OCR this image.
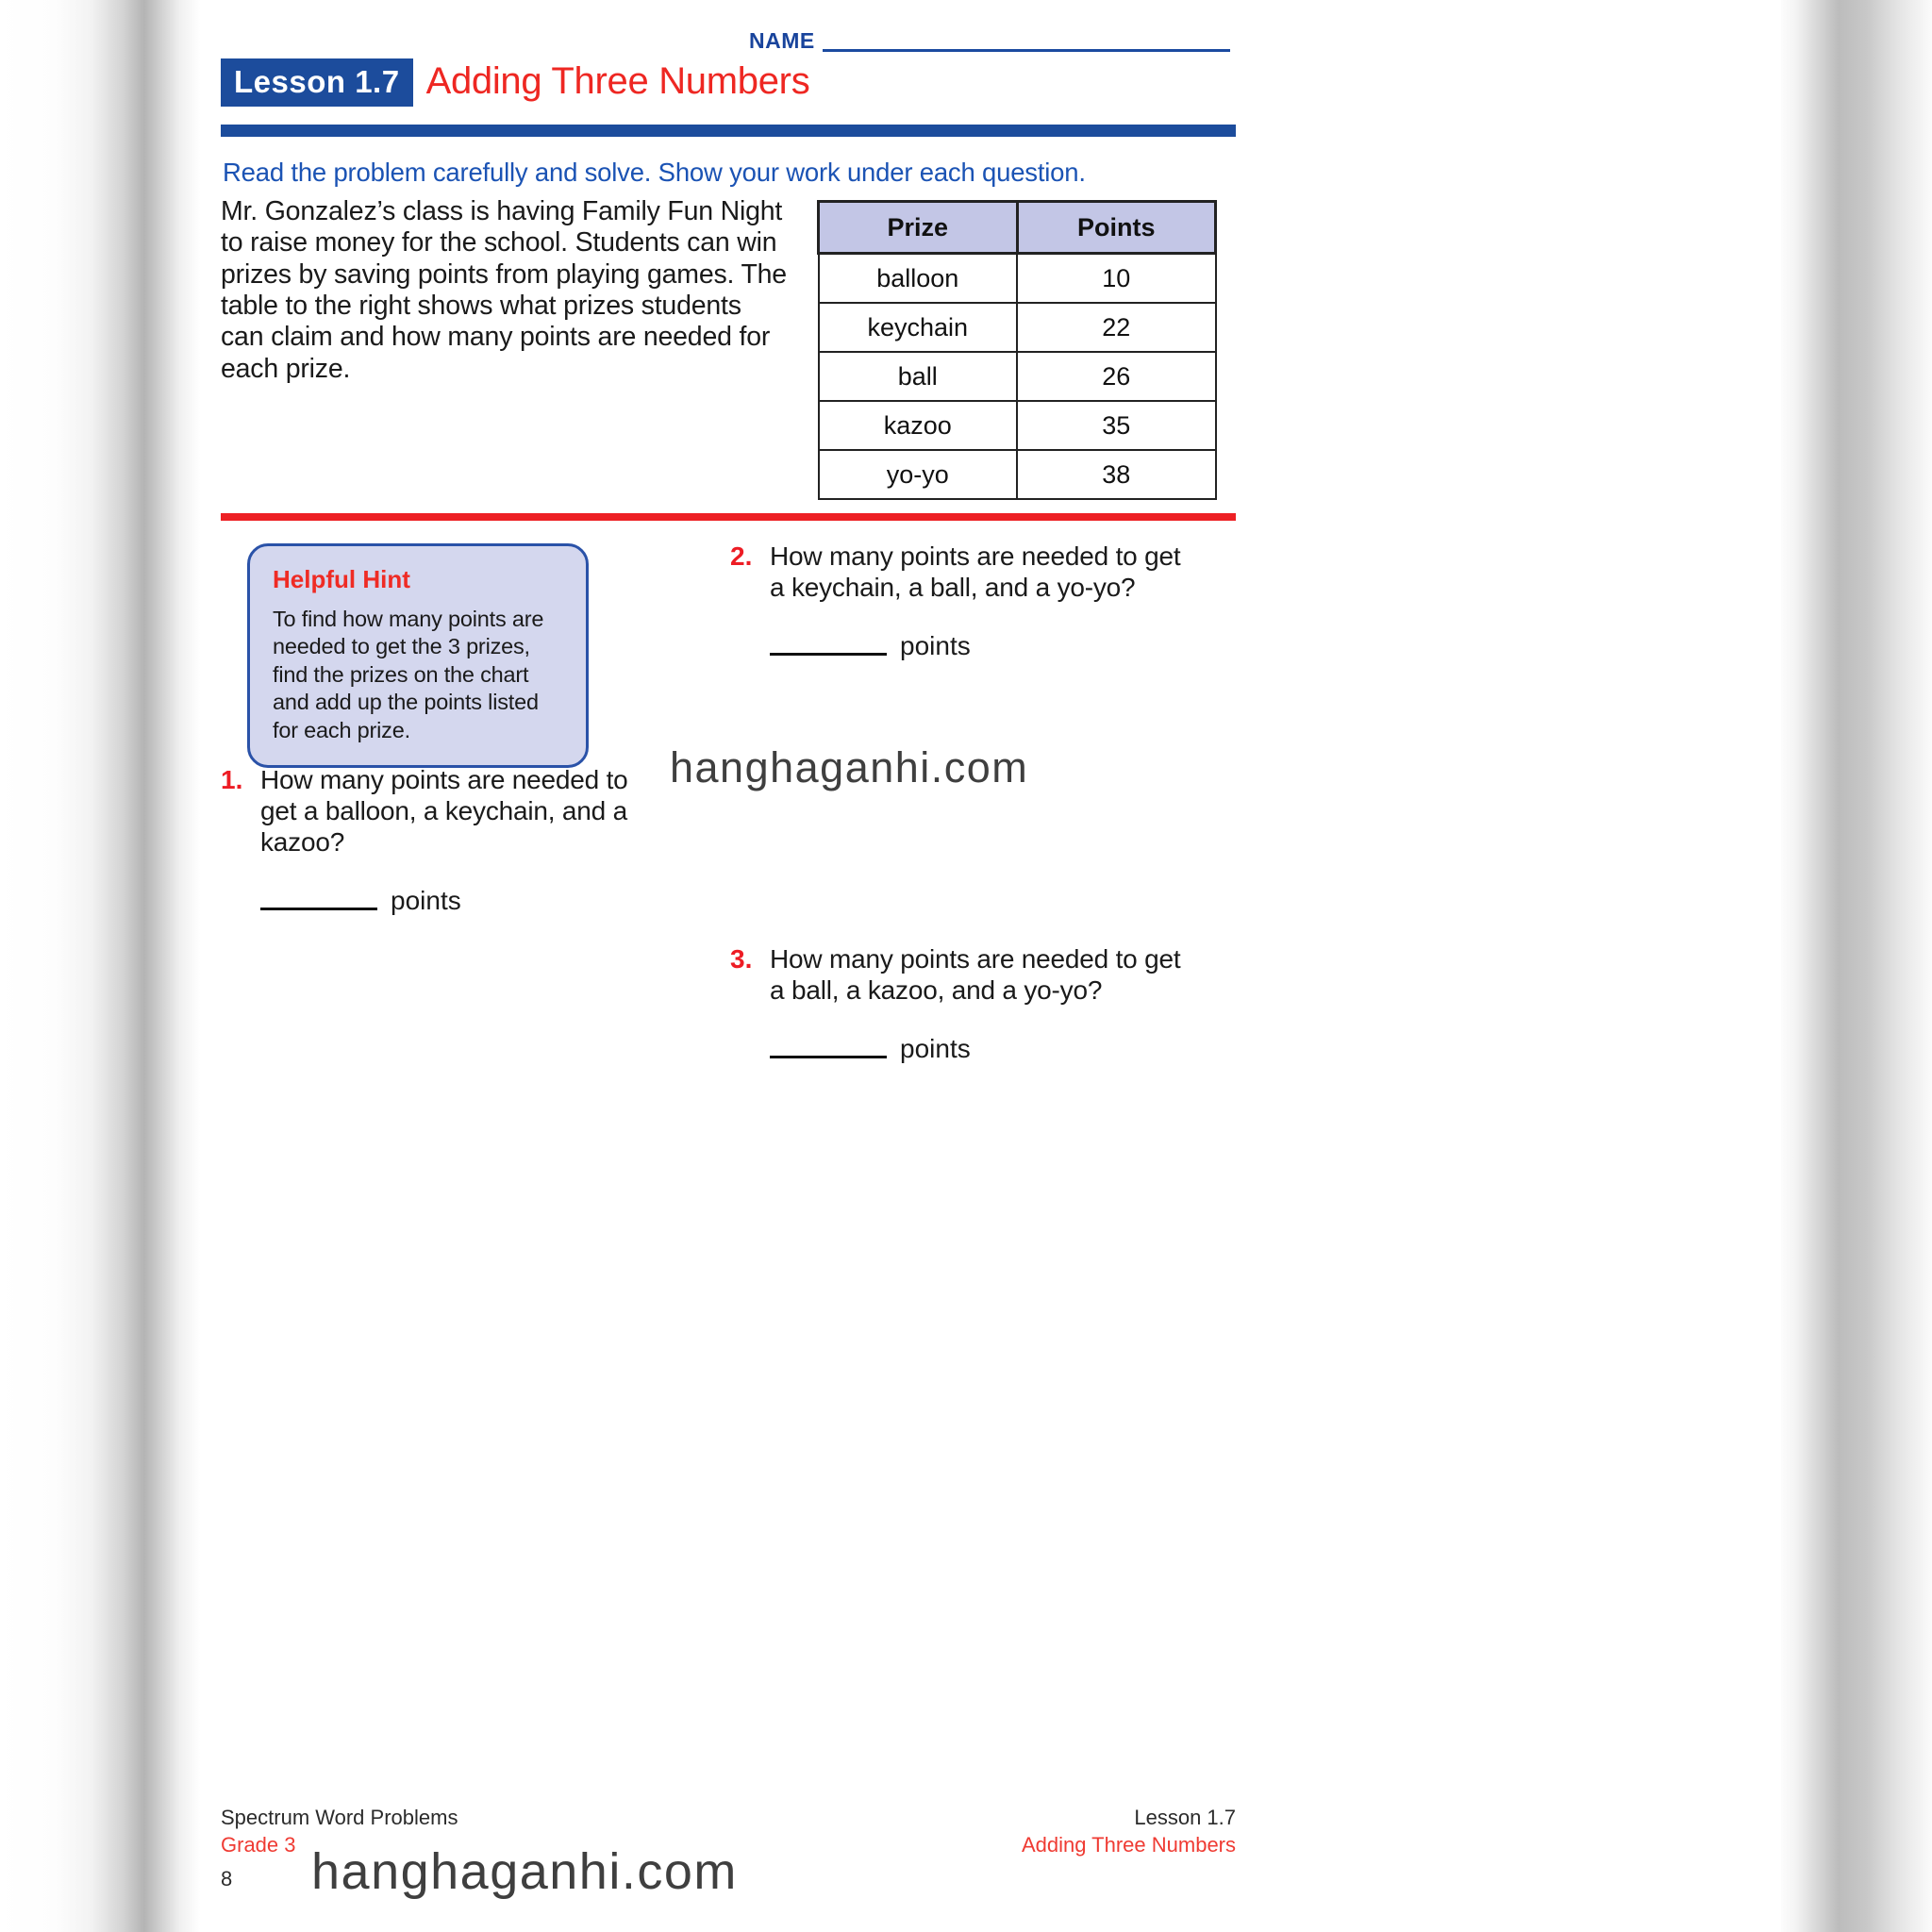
NAME
Lesson 1.7 Adding Three Numbers
Read the problem carefully and solve. Show your work under each question.
Mr. Gonzalez’s class is having Family Fun Night to raise money for the school. Students can win prizes by saving points from playing games. The table to the right shows what prizes students can claim and how many points are needed for each prize.
Prize	Points
balloon	10
keychain	22
ball	26
kazoo	35
yo-yo	38
Helpful Hint
To find how many points are needed to get the 3 prizes, find the prizes on the chart and add up the points listed for each prize.
1. How many points are needed to get a balloon, a keychain, and a kazoo?
points
2. How many points are needed to get a keychain, a ball, and a yo-yo?
points
3. How many points are needed to get a ball, a kazoo, and a yo-yo?
points
hanghaganhi.com
Spectrum Word Problems
Grade 3
8
Lesson 1.7
Adding Three Numbers
hanghaganhi.com
